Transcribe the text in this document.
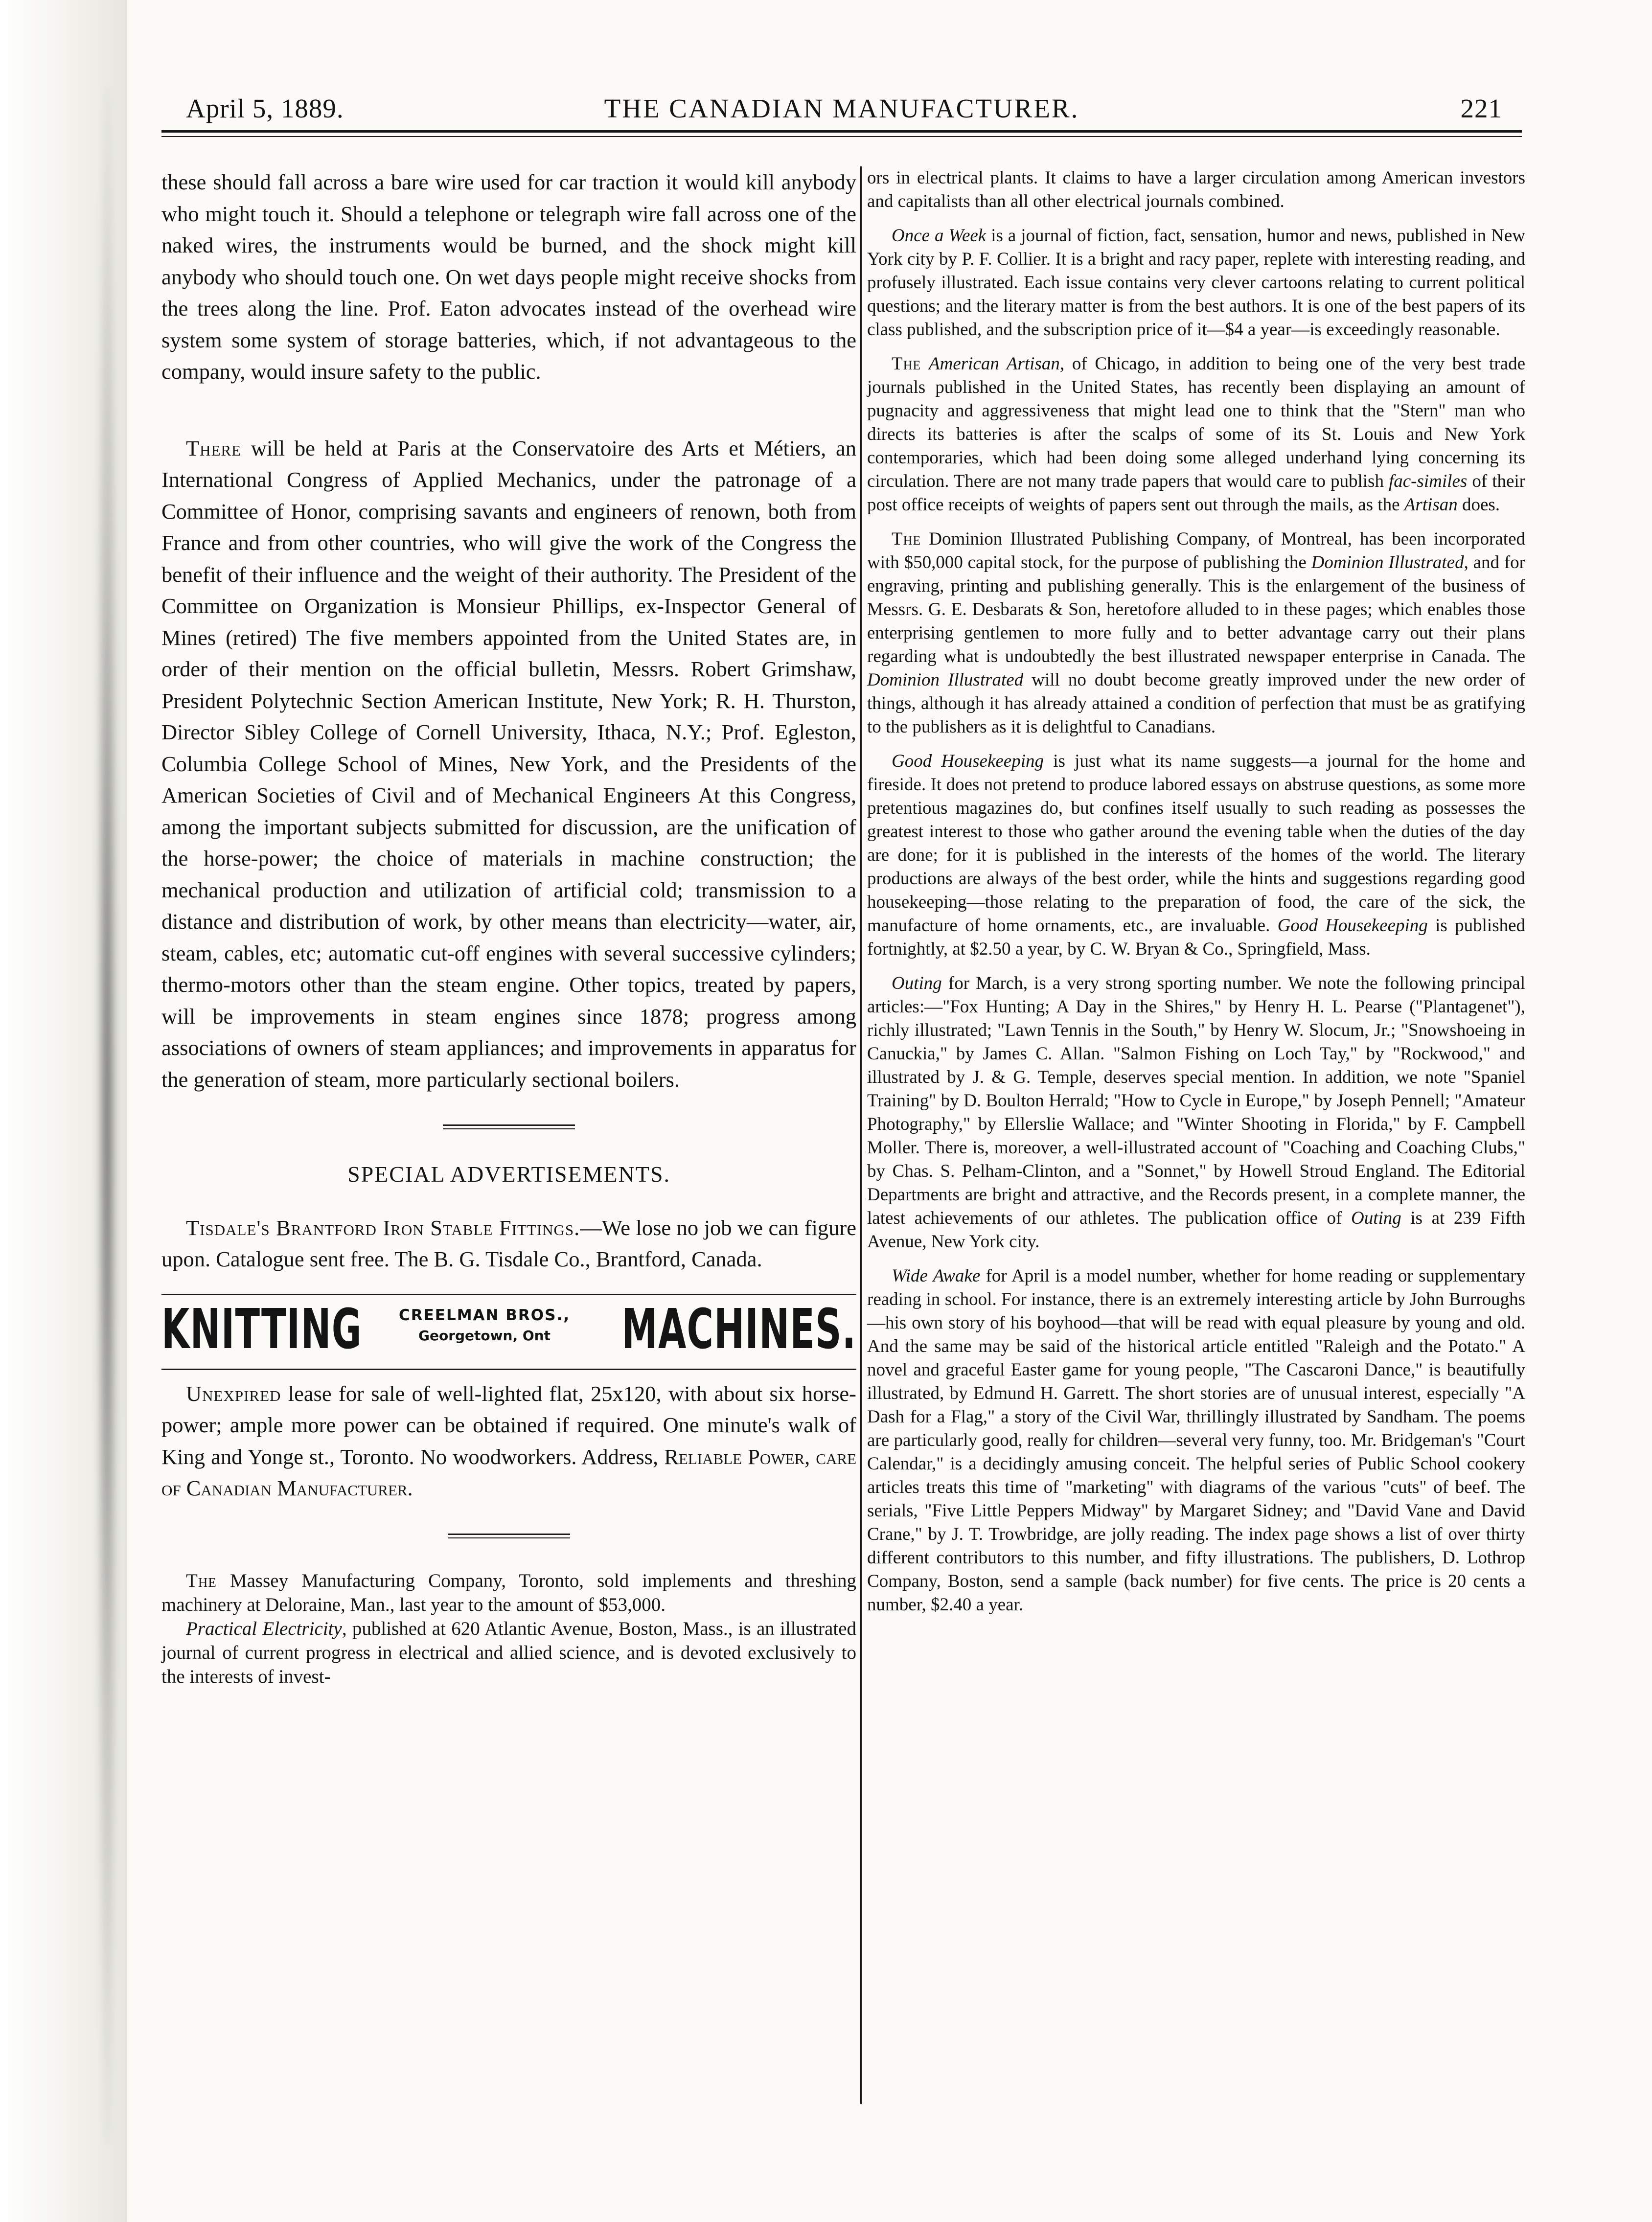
April 5, 1889.	THE CANADIAN MANUFACTURER.	221

these should fall across a bare wire used for car traction it would kill anybody who might touch it. Should a telephone or telegraph wire fall across one of the naked wires, the instruments would be burned, and the shock might kill anybody who should touch one. On wet days people might receive shocks from the trees along the line. Prof. Eaton advocates instead of the overhead wire system some system of storage batteries, which, if not advantageous to the company, would insure safety to the public.

There will be held at Paris at the Conservatoire des Arts et Métiers, an International Congress of Applied Mechanics, under the patronage of a Committee of Honor, comprising savants and engineers of renown, both from France and from other countries, who will give the work of the Congress the benefit of their influence and the weight of their authority. The President of the Committee on Organization is Monsieur Phillips, ex-Inspector General of Mines (retired) The five members appointed from the United States are, in order of their mention on the official bulletin, Messrs. Robert Grimshaw, President Polytechnic Section American Institute, New York; R. H. Thurston, Director Sibley College of Cornell University, Ithaca, N.Y.; Prof. Egleston, Columbia College School of Mines, New York, and the Presidents of the American Societies of Civil and of Mechanical Engineers At this Congress, among the important subjects submitted for discussion, are the unification of the horse-power; the choice of materials in machine construction; the mechanical production and utilization of artificial cold; transmission to a distance and distribution of work, by other means than electricity—water, air, steam, cables, etc; automatic cut-off engines with several successive cylinders; thermo-motors other than the steam engine. Other topics, treated by papers, will be improvements in steam engines since 1878; progress among associations of owners of steam appliances; and improvements in apparatus for the generation of steam, more particularly sectional boilers.

SPECIAL ADVERTISEMENTS.

Tisdale's Brantford Iron Stable Fittings.—We lose no job we can figure upon. Catalogue sent free. The B. G. Tisdale Co., Brantford, Canada.

KNITTING	CREELMAN BROS.,
Georgetown, Ont	MACHINES.

Unexpired lease for sale of well-lighted flat, 25x120, with about six horse-power; ample more power can be obtained if required. One minute's walk of King and Yonge st., Toronto. No woodworkers. Address, Reliable Power, care of Canadian Manufacturer.

The Massey Manufacturing Company, Toronto, sold implements and threshing machinery at Deloraine, Man., last year to the amount of $53,000.

Practical Electricity, published at 620 Atlantic Avenue, Boston, Mass., is an illustrated journal of current progress in electrical and allied science, and is devoted exclusively to the interests of invest-

ors in electrical plants. It claims to have a larger circulation among American investors and capitalists than all other electrical journals combined.

Once a Week is a journal of fiction, fact, sensation, humor and news, published in New York city by P. F. Collier. It is a bright and racy paper, replete with interesting reading, and profusely illustrated. Each issue contains very clever cartoons relating to current political questions; and the literary matter is from the best authors. It is one of the best papers of its class published, and the subscription price of it—$4 a year—is exceedingly reasonable.

The American Artisan, of Chicago, in addition to being one of the very best trade journals published in the United States, has recently been displaying an amount of pugnacity and aggressiveness that might lead one to think that the "Stern" man who directs its batteries is after the scalps of some of its St. Louis and New York contemporaries, which had been doing some alleged underhand lying concerning its circulation. There are not many trade papers that would care to publish fac-similes of their post office receipts of weights of papers sent out through the mails, as the Artisan does.

The Dominion Illustrated Publishing Company, of Montreal, has been incorporated with $50,000 capital stock, for the purpose of publishing the Dominion Illustrated, and for engraving, printing and publishing generally. This is the enlargement of the business of Messrs. G. E. Desbarats & Son, heretofore alluded to in these pages; which enables those enterprising gentlemen to more fully and to better advantage carry out their plans regarding what is undoubtedly the best illustrated newspaper enterprise in Canada. The Dominion Illustrated will no doubt become greatly improved under the new order of things, although it has already attained a condition of perfection that must be as gratifying to the publishers as it is delightful to Canadians.

Good Housekeeping is just what its name suggests—a journal for the home and fireside. It does not pretend to produce labored essays on abstruse questions, as some more pretentious magazines do, but confines itself usually to such reading as possesses the greatest interest to those who gather around the evening table when the duties of the day are done; for it is published in the interests of the homes of the world. The literary productions are always of the best order, while the hints and suggestions regarding good housekeeping—those relating to the preparation of food, the care of the sick, the manufacture of home ornaments, etc., are invaluable. Good Housekeeping is published fortnightly, at $2.50 a year, by C. W. Bryan & Co., Springfield, Mass.

Outing for March, is a very strong sporting number. We note the following principal articles:—"Fox Hunting; A Day in the Shires," by Henry H. L. Pearse ("Plantagenet"), richly illustrated; "Lawn Tennis in the South," by Henry W. Slocum, Jr.; "Snowshoeing in Canuckia," by James C. Allan. "Salmon Fishing on Loch Tay," by "Rockwood," and illustrated by J. & G. Temple, deserves special mention. In addition, we note "Spaniel Training" by D. Boulton Herrald; "How to Cycle in Europe," by Joseph Pennell; "Amateur Photography," by Ellerslie Wallace; and "Winter Shooting in Florida," by F. Campbell Moller. There is, moreover, a well-illustrated account of "Coaching and Coaching Clubs," by Chas. S. Pelham-Clinton, and a "Sonnet," by Howell Stroud England. The Editorial Departments are bright and attractive, and the Records present, in a complete manner, the latest achievements of our athletes. The publication office of Outing is at 239 Fifth Avenue, New York city.

Wide Awake for April is a model number, whether for home reading or supplementary reading in school. For instance, there is an extremely interesting article by John Burroughs—his own story of his boyhood—that will be read with equal pleasure by young and old. And the same may be said of the historical article entitled "Raleigh and the Potato." A novel and graceful Easter game for young people, "The Cascaroni Dance," is beautifully illustrated, by Edmund H. Garrett. The short stories are of unusual interest, especially "A Dash for a Flag," a story of the Civil War, thrillingly illustrated by Sandham. The poems are particularly good, really for children—several very funny, too. Mr. Bridgeman's "Court Calendar," is a decidingly amusing conceit. The helpful series of Public School cookery articles treats this time of "marketing" with diagrams of the various "cuts" of beef. The serials, "Five Little Peppers Midway" by Margaret Sidney; and "David Vane and David Crane," by J. T. Trowbridge, are jolly reading. The index page shows a list of over thirty different contributors to this number, and fifty illustrations. The publishers, D. Lothrop Company, Boston, send a sample (back number) for five cents. The price is 20 cents a number, $2.40 a year.
